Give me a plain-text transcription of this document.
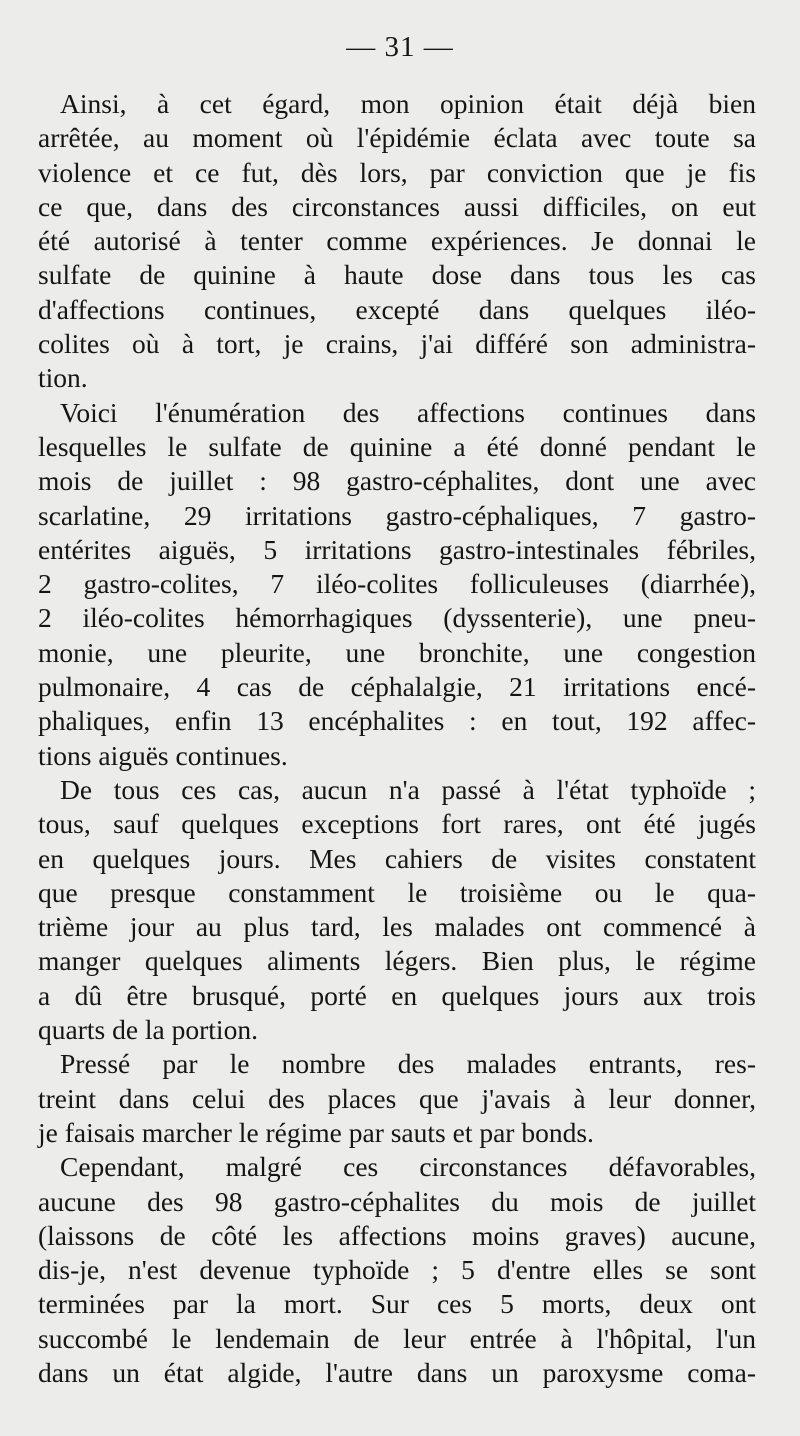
— 31 —
Ainsi, à cet égard, mon opinion était déjà bien
arrêtée, au moment où l'épidémie éclata avec toute sa
violence et ce fut, dès lors, par conviction que je fis
ce que, dans des circonstances aussi difficiles, on eut
été autorisé à tenter comme expériences. Je donnai le
sulfate de quinine à haute dose dans tous les cas
d'affections continues, excepté dans quelques iléo-
colites où à tort, je crains, j'ai différé son administra-
tion.
Voici l'énumération des affections continues dans
lesquelles le sulfate de quinine a été donné pendant le
mois de juillet : 98 gastro-céphalites, dont une avec
scarlatine, 29 irritations gastro-céphaliques, 7 gastro-
entérites aiguës, 5 irritations gastro-intestinales fébriles,
2 gastro-colites, 7 iléo-colites folliculeuses (diarrhée),
2 iléo-colites hémorrhagiques (dyssenterie), une pneu-
monie, une pleurite, une bronchite, une congestion
pulmonaire, 4 cas de céphalalgie, 21 irritations encé-
phaliques, enfin 13 encéphalites : en tout, 192 affec-
tions aiguës continues.
De tous ces cas, aucun n'a passé à l'état typhoïde ;
tous, sauf quelques exceptions fort rares, ont été jugés
en quelques jours. Mes cahiers de visites constatent
que presque constamment le troisième ou le qua-
trième jour au plus tard, les malades ont commencé à
manger quelques aliments légers. Bien plus, le régime
a dû être brusqué, porté en quelques jours aux trois
quarts de la portion.
Pressé par le nombre des malades entrants, res-
treint dans celui des places que j'avais à leur donner,
je faisais marcher le régime par sauts et par bonds.
Cependant, malgré ces circonstances défavorables,
aucune des 98 gastro-céphalites du mois de juillet
(laissons de côté les affections moins graves) aucune,
dis-je, n'est devenue typhoïde ; 5 d'entre elles se sont
terminées par la mort. Sur ces 5 morts, deux ont
succombé le lendemain de leur entrée à l'hôpital, l'un
dans un état algide, l'autre dans un paroxysme coma-
